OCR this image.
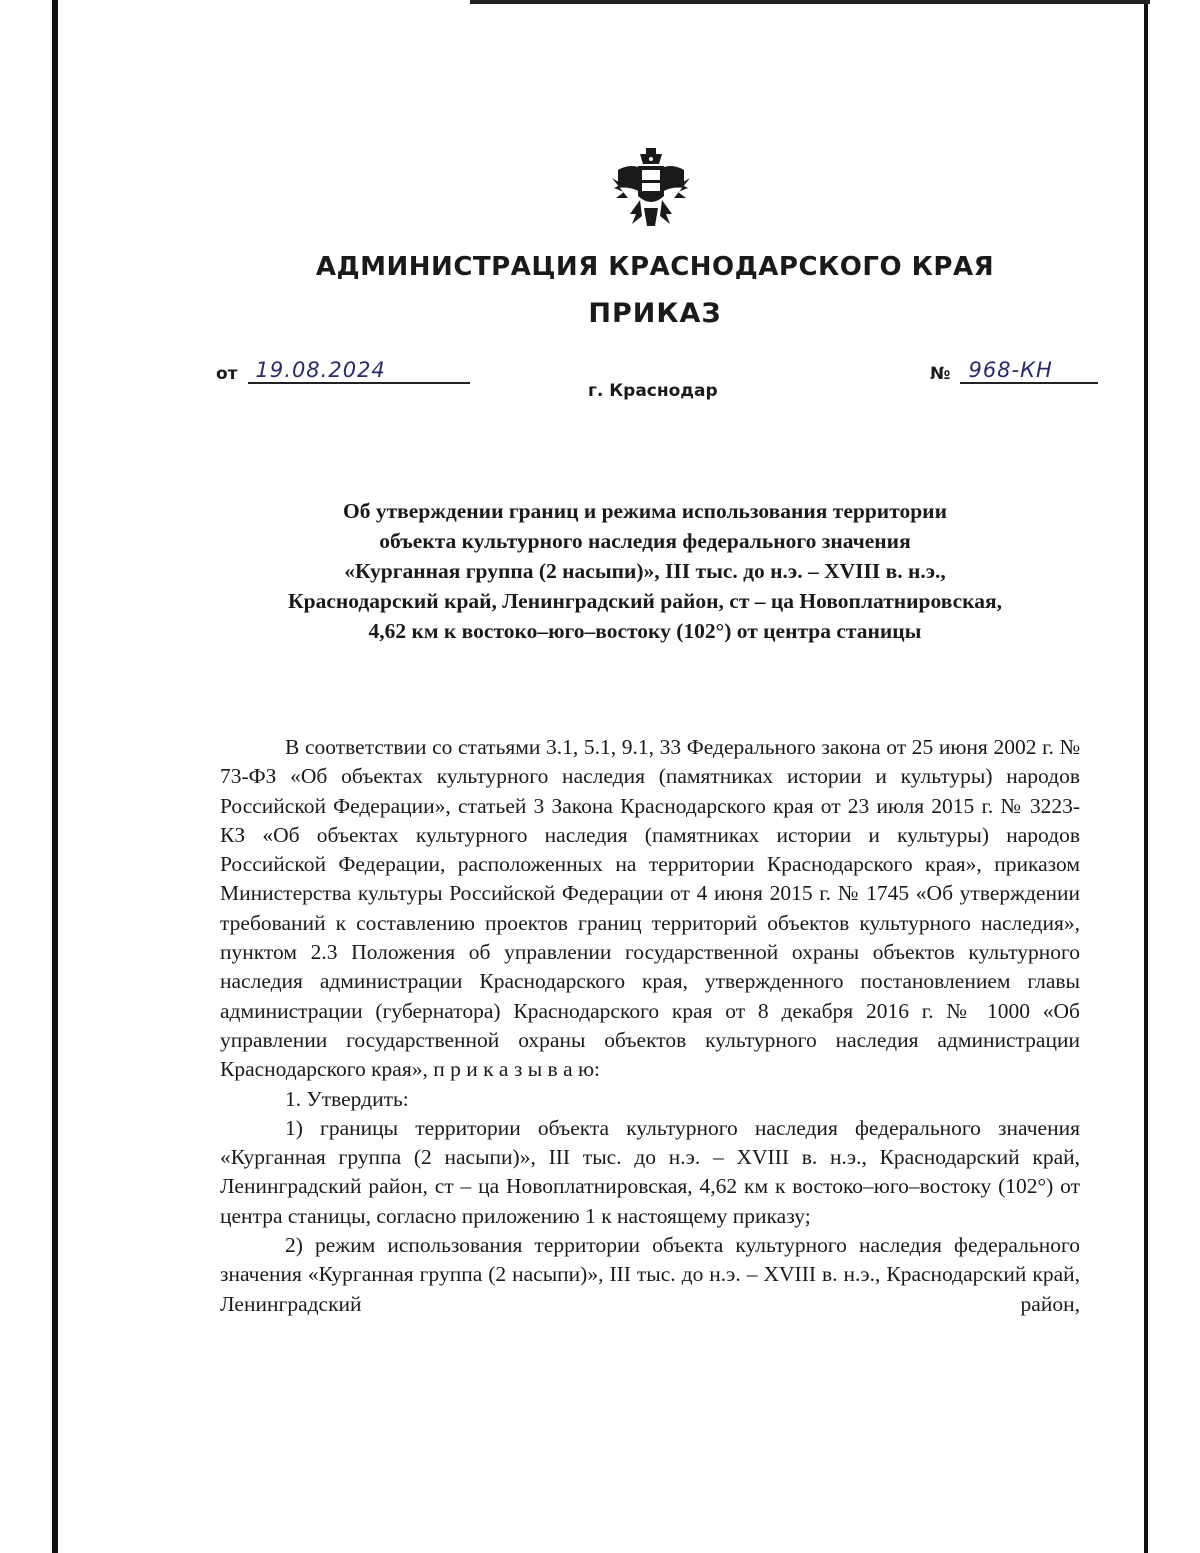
АДМИНИСТРАЦИЯ КРАСНОДАРСКОГО КРАЯ
ПРИКАЗ
от 19.08.2024	№ 968-КН
г. Краснодар
Об утверждении границ и режима использования территории
объекта культурного наследия федерального значения
«Курганная группа (2 насыпи)», III тыс. до н.э. – XVIII в. н.э.,
Краснодарский край, Ленинградский район, ст – ца Новоплатнировская,
4,62 км к востоко–юго–востоку (102°) от центра станицы

В соответствии со статьями 3.1, 5.1, 9.1, 33 Федерального закона от 25 июня 2002 г. № 73-ФЗ «Об объектах культурного наследия (памятниках истории и культуры) народов Российской Федерации», статьей 3 Закона Краснодарского края от 23 июля 2015 г. № 3223-КЗ «Об объектах культурного наследия (памятниках истории и культуры) народов Российской Федерации, расположенных на территории Краснодарского края», приказом Министерства культуры Российской Федерации от 4 июня 2015 г. № 1745 «Об утверждении требований к составлению проектов границ территорий объектов культурного наследия», пунктом 2.3 Положения об управлении государственной охраны объектов культурного наследия администрации Краснодарского края, утвержденного постановлением главы администрации (губернатора) Краснодарского края от 8 декабря 2016 г. № 1000 «Об управлении государственной охраны объектов культурного наследия администрации Краснодарского края», п р и к а з ы в а ю:

1. Утвердить:

1) границы территории объекта культурного наследия федерального значения «Курганная группа (2 насыпи)», III тыс. до н.э. – XVIII в. н.э., Краснодарский край, Ленинградский район, ст – ца Новоплатнировская, 4,62 км к востоко–юго–востоку (102°) от центра станицы, согласно приложению 1 к настоящему приказу;

2) режим использования территории объекта культурного наследия федерального значения «Курганная группа (2 насыпи)», III тыс. до н.э. – XVIII в. н.э., Краснодарский край, Ленинградский район,
